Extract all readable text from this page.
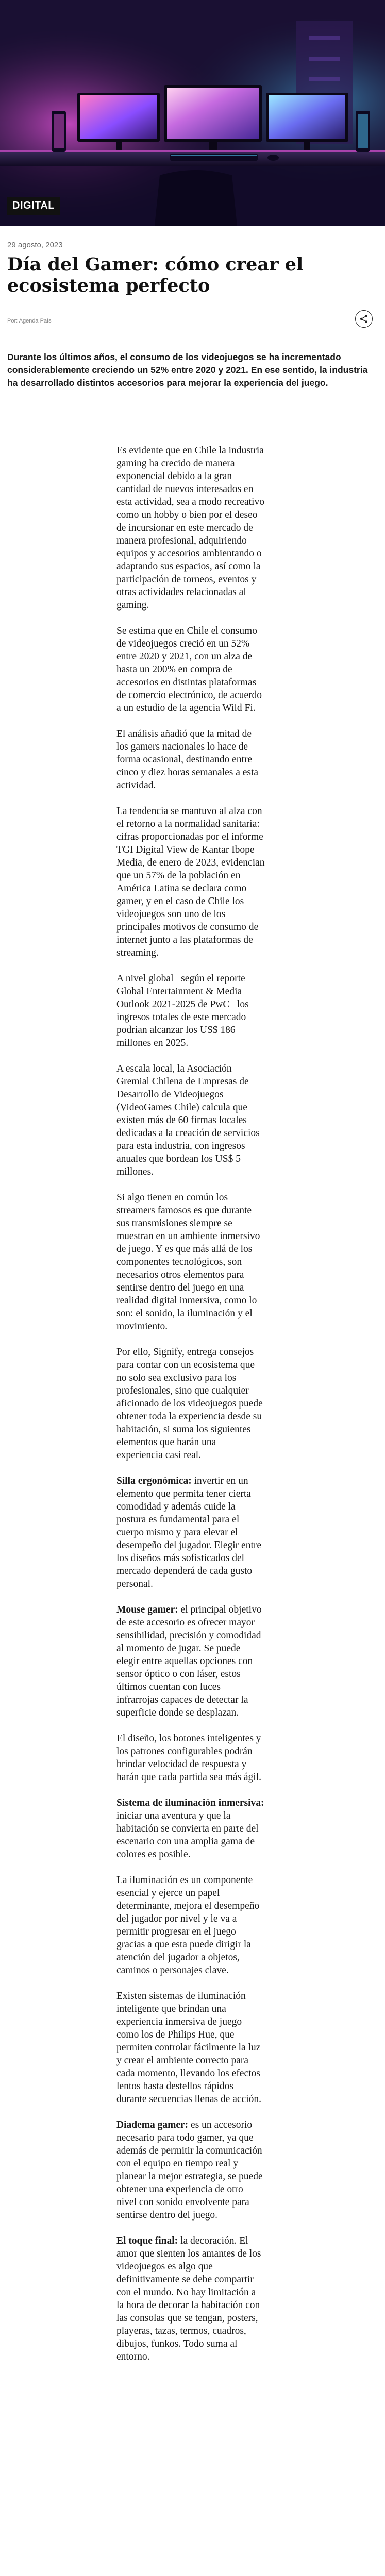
DIGITAL
29 agosto, 2023
Día del Gamer: cómo crear el ecosistema perfecto
Por: Agenda País

Durante los últimos años, el consumo de los videojuegos se ha incrementado considerablemente creciendo un 52% entre 2020 y 2021. En ese sentido, la industria ha desarrollado distintos accesorios para mejorar la experiencia del juego.

Es evidente que en Chile la industria gaming ha crecido de manera exponencial debido a la gran cantidad de nuevos interesados en esta actividad, sea a modo recreativo como un hobby o bien por el deseo de incursionar en este mercado de manera profesional, adquiriendo equipos y accesorios ambientando o adaptando sus espacios, así como la participación de torneos, eventos y otras actividades relacionadas al gaming.

Se estima que en Chile el consumo de videojuegos creció en un 52% entre 2020 y 2021, con un alza de hasta un 200% en compra de accesorios en distintas plataformas de comercio electrónico, de acuerdo a un estudio de la agencia Wild Fi.

El análisis añadió que la mitad de los gamers nacionales lo hace de forma ocasional, destinando entre cinco y diez horas semanales a esta actividad.

La tendencia se mantuvo al alza con el retorno a la normalidad sanitaria: cifras proporcionadas por el informe TGI Digital View de Kantar Ibope Media, de enero de 2023, evidencian que un 57% de la población en América Latina se declara como gamer, y en el caso de Chile los videojuegos son uno de los principales motivos de consumo de internet junto a las plataformas de streaming.

A nivel global –según el reporte Global Entertainment & Media Outlook 2021-2025 de PwC– los ingresos totales de este mercado podrían alcanzar los US$ 186 millones en 2025.

A escala local, la Asociación Gremial Chilena de Empresas de Desarrollo de Videojuegos (VideoGames Chile) calcula que existen más de 60 firmas locales dedicadas a la creación de servicios para esta industria, con ingresos anuales que bordean los US$ 5 millones.

Si algo tienen en común los streamers famosos es que durante sus transmisiones siempre se muestran en un ambiente inmersivo de juego. Y es que más allá de los componentes tecnológicos, son necesarios otros elementos para sentirse dentro del juego en una realidad digital inmersiva, como lo son: el sonido, la iluminación y el movimiento.

Por ello, Signify, entrega consejos para contar con un ecosistema que no solo sea exclusivo para los profesionales, sino que cualquier aficionado de los videojuegos puede obtener toda la experiencia desde su habitación, si suma los siguientes elementos que harán una experiencia casi real.

Silla ergonómica: invertir en un elemento que permita tener cierta comodidad y además cuide la postura es fundamental para el cuerpo mismo y para elevar el desempeño del jugador. Elegir entre los diseños más sofisticados del mercado dependerá de cada gusto personal.

Mouse gamer: el principal objetivo de este accesorio es ofrecer mayor sensibilidad, precisión y comodidad al momento de jugar. Se puede elegir entre aquellas opciones con sensor óptico o con láser, estos últimos cuentan con luces infrarrojas capaces de detectar la superficie donde se desplazan.

El diseño, los botones inteligentes y los patrones configurables podrán brindar velocidad de respuesta y harán que cada partida sea más ágil.

Sistema de iluminación inmersiva: iniciar una aventura y que la habitación se convierta en parte del escenario con una amplia gama de colores es posible.

La iluminación es un componente esencial y ejerce un papel determinante, mejora el desempeño del jugador por nivel y le va a permitir progresar en el juego gracias a que esta puede dirigir la atención del jugador a objetos, caminos o personajes clave.

Existen sistemas de iluminación inteligente que brindan una experiencia inmersiva de juego como los de Philips Hue, que permiten controlar fácilmente la luz y crear el ambiente correcto para cada momento, llevando los efectos lentos hasta destellos rápidos durante secuencias llenas de acción.

Diadema gamer: es un accesorio necesario para todo gamer, ya que además de permitir la comunicación con el equipo en tiempo real y planear la mejor estrategia, se puede obtener una experiencia de otro nivel con sonido envolvente para sentirse dentro del juego.

El toque final: la decoración. El amor que sienten los amantes de los videojuegos es algo que definitivamente se debe compartir con el mundo. No hay limitación a la hora de decorar la habitación con las consolas que se tengan, posters, playeras, tazas, termos, cuadros, dibujos, funkos. Todo suma al entorno.
